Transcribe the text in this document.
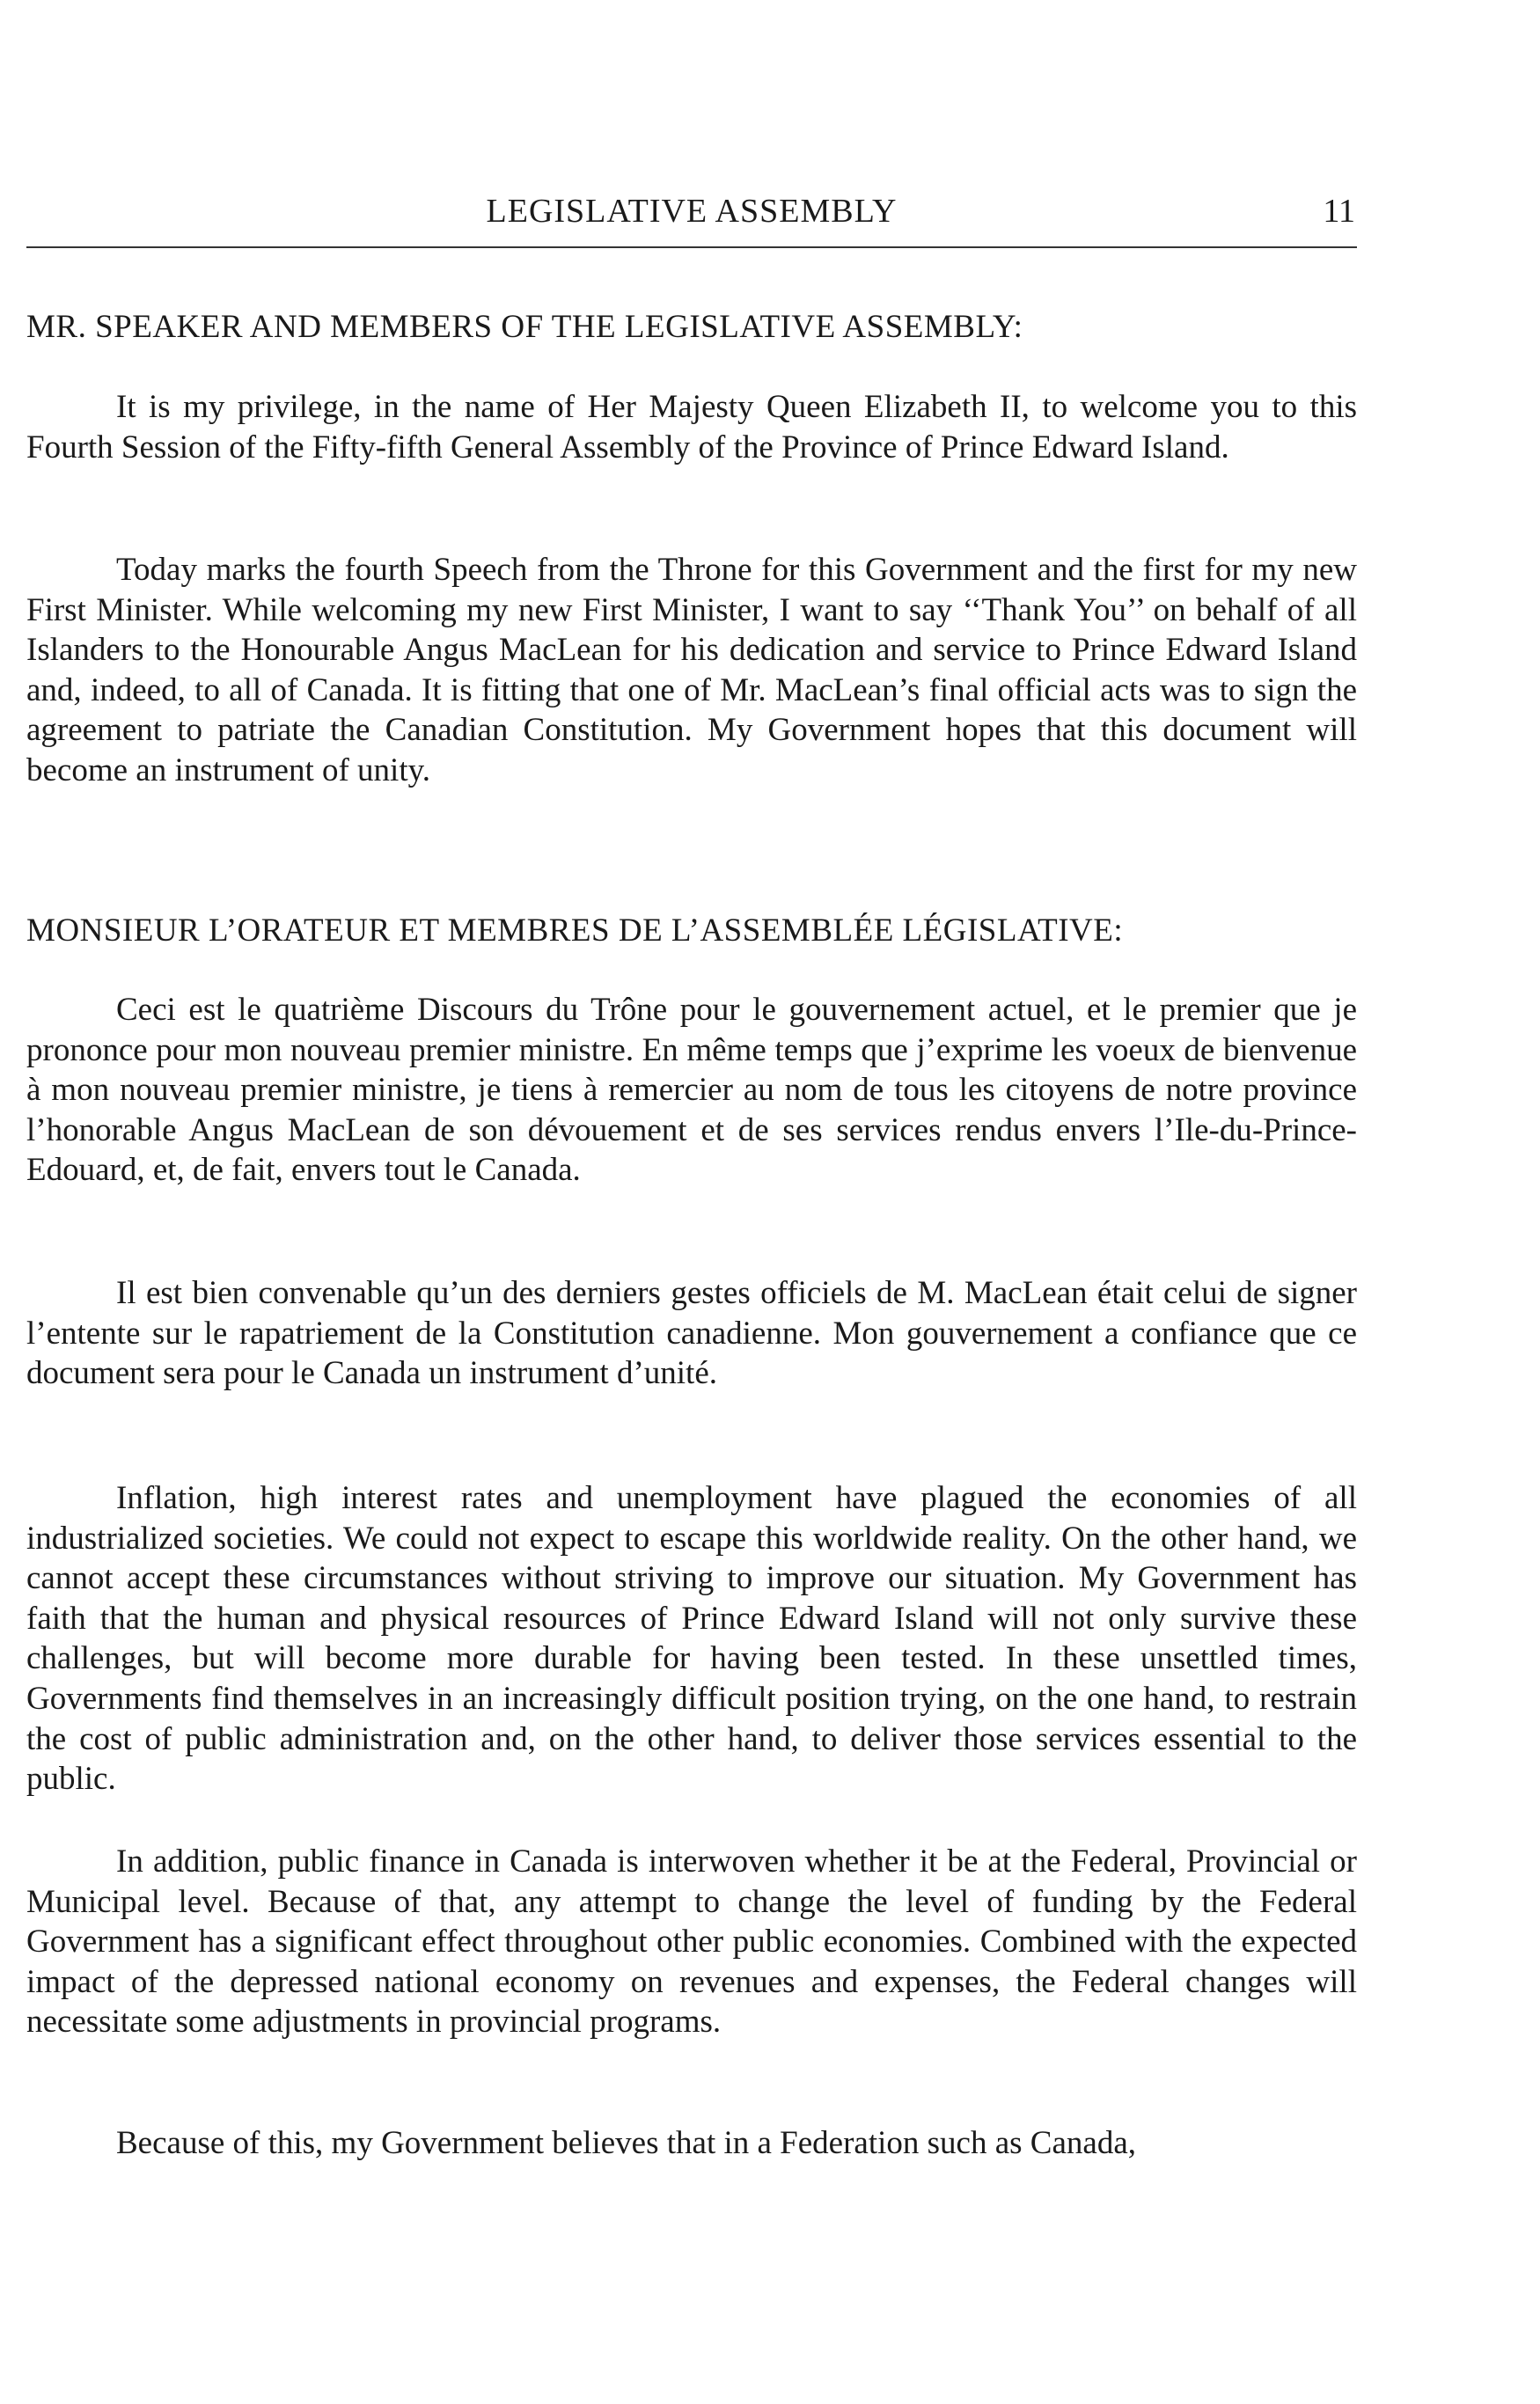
LEGISLATIVE ASSEMBLY	11
MR. SPEAKER AND MEMBERS OF THE LEGISLATIVE ASSEMBLY:

It is my privilege, in the name of Her Majesty Queen Elizabeth II, to welcome you to this Fourth Session of the Fifty-fifth General Assembly of the Province of Prince Edward Island.

Today marks the fourth Speech from the Throne for this Government and the first for my new First Minister. While welcoming my new First Minister, I want to say ‘‘Thank You’’ on behalf of all Islanders to the Honourable Angus MacLean for his dedication and service to Prince Edward Island and, indeed, to all of Canada. It is fitting that one of Mr. MacLean’s final official acts was to sign the agreement to patriate the Canadian Constitution. My Government hopes that this document will become an instrument of unity.

MONSIEUR L’ORATEUR ET MEMBRES DE L’ASSEMBLÉE LÉGISLATIVE:

Ceci est le quatrième Discours du Trône pour le gouvernement actuel, et le premier que je prononce pour mon nouveau premier ministre. En même temps que j’exprime les voeux de bienvenue à mon nouveau premier ministre, je tiens à remercier au nom de tous les citoyens de notre province l’honorable Angus MacLean de son dévouement et de ses services rendus envers l’Ile-du-Prince-Edouard, et, de fait, envers tout le Canada.

Il est bien convenable qu’un des derniers gestes officiels de M. MacLean était celui de signer l’entente sur le rapatriement de la Constitution canadienne. Mon gouvernement a confiance que ce document sera pour le Canada un instrument d’unité.

Inflation, high interest rates and unemployment have plagued the economies of all industrialized societies. We could not expect to escape this worldwide reality. On the other hand, we cannot accept these circumstances without striving to improve our situation. My Government has faith that the human and physical resources of Prince Edward Island will not only survive these challenges, but will become more durable for having been tested. In these unsettled times, Governments find themselves in an increasingly difficult position trying, on the one hand, to restrain the cost of public administration and, on the other hand, to deliver those services essential to the public.

In addition, public finance in Canada is interwoven whether it be at the Federal, Provincial or Municipal level. Because of that, any attempt to change the level of funding by the Federal Government has a significant effect throughout other public economies. Combined with the expected impact of the depressed national economy on revenues and expenses, the Federal changes will necessitate some adjustments in provincial programs.

Because of this, my Government believes that in a Federation such as Canada,
